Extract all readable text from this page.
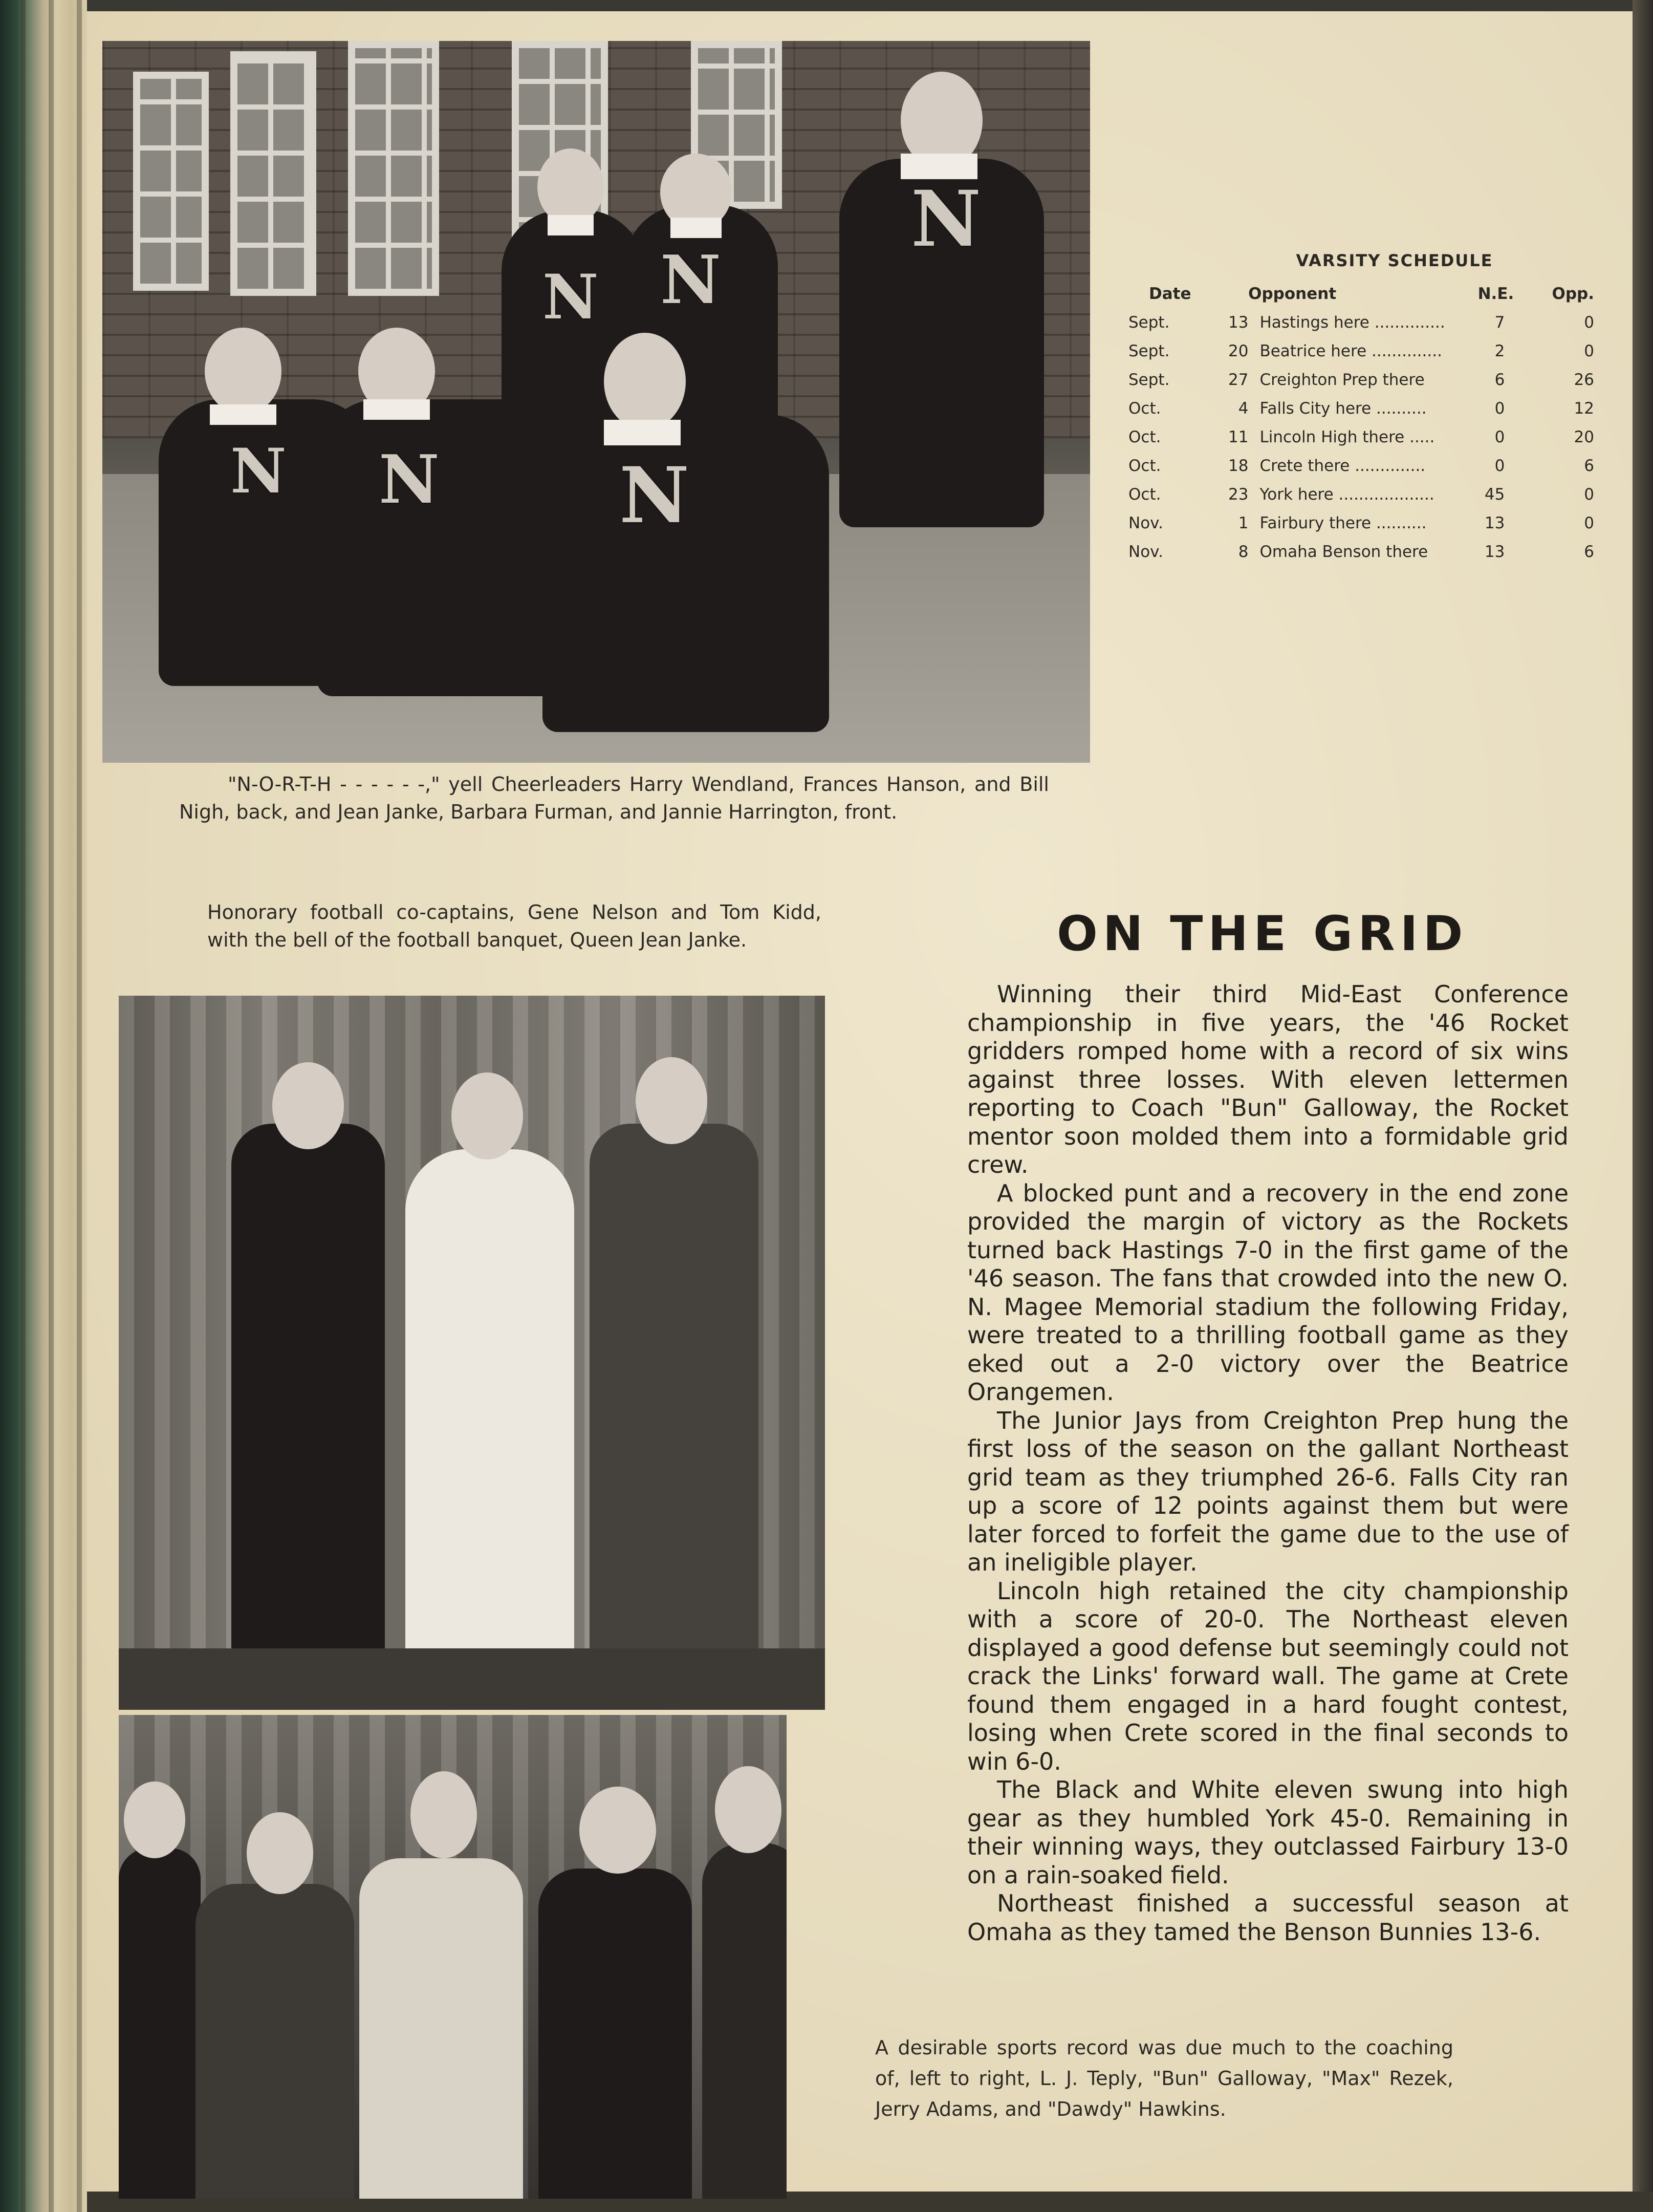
N N
N
N N N
VARSITY SCHEDULE
Date	Opponent	N.E.	Opp.
Sept.	13 Hastings here ..............	7	0
Sept.	20 Beatrice here ..............	2	0
Sept.	27 Creighton Prep there	6	26
Oct.	4 Falls City here ..........	0	12
Oct.	11 Lincoln High there .....	0	20
Oct.	18 Crete there ..............	0	6
Oct.	23 York here ...................	45	0
Nov.	1 Fairbury there ..........	13	0
Nov.	8 Omaha Benson there	13	6
"N-O-R-T-H - - - - - -," yell Cheerleaders Harry Wendland, Frances Hanson, and Bill Nigh, back, and Jean Janke, Barbara Furman, and Jannie Harrington, front.
Honorary football co-captains, Gene Nelson and Tom Kidd, with the bell of the football banquet, Queen Jean Janke.	ON THE GRID

Winning their third Mid-East Conference championship in five years, the '46 Rocket gridders romped home with a record of six wins against three losses. With eleven lettermen reporting to Coach "Bun" Galloway, the Rocket mentor soon molded them into a formidable grid crew.

A blocked punt and a recovery in the end zone provided the margin of victory as the Rockets turned back Hastings 7-0 in the first game of the '46 season. The fans that crowded into the new O. N. Magee Memorial stadium the following Friday, were treated to a thrilling football game as they eked out a 2-0 victory over the Beatrice Orangemen.

The Junior Jays from Creighton Prep hung the first loss of the season on the gallant Northeast grid team as they triumphed 26-6. Falls City ran up a score of 12 points against them but were later forced to forfeit the game due to the use of an ineligible player.

Lincoln high retained the city championship with a score of 20-0. The Northeast eleven displayed a good defense but seemingly could not crack the Links' forward wall. The game at Crete found them engaged in a hard fought contest, losing when Crete scored in the final seconds to win 6-0.

The Black and White eleven swung into high gear as they humbled York 45-0. Remaining in their winning ways, they outclassed Fairbury 13-0 on a rain-soaked field.

Northeast finished a successful season at Omaha as they tamed the Benson Bunnies 13-6.

A desirable sports record was due much to the coaching of, left to right, L. J. Teply, "Bun" Galloway, "Max" Rezek, Jerry Adams, and "Dawdy" Hawkins.
